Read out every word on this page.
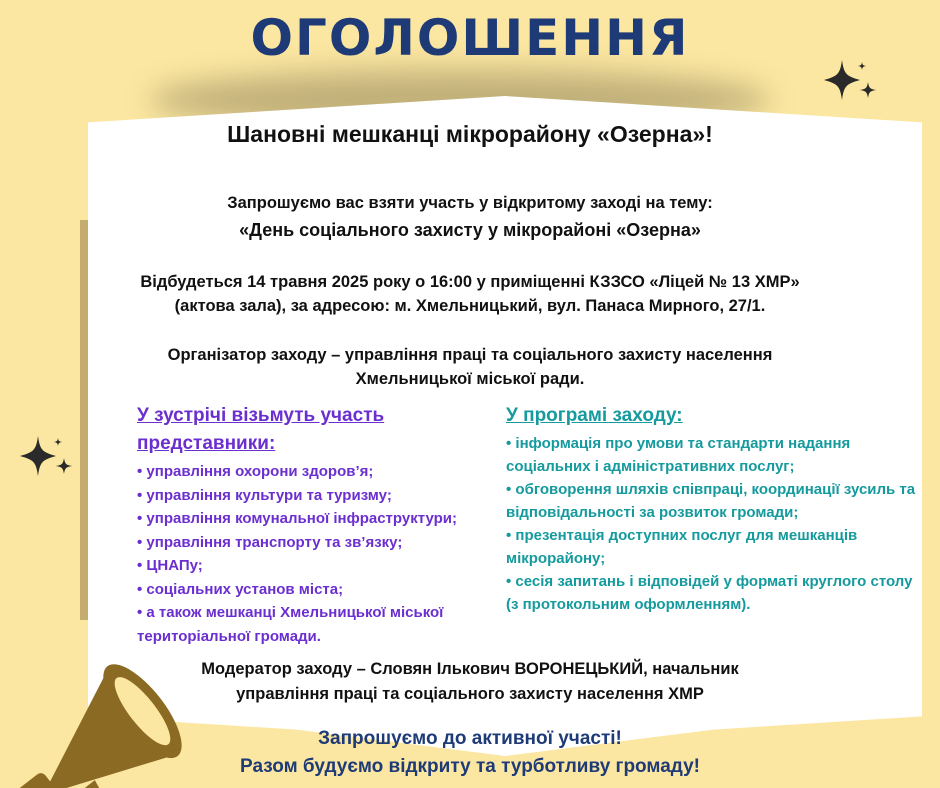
ОГОЛОШЕННЯ
Шановні мешканці мікрорайону «Озерна»!
Запрошуємо вас взяти участь у відкритому заході на тему:
«День соціального захисту у мікрорайоні «Озерна»
Відбудеться 14 травня 2025 року о 16:00 у приміщенні КЗЗСО «Ліцей № 13 ХМР»
(актова зала), за адресою: м. Хмельницький, вул. Панаса Мирного, 27/1.
Організатор заходу – управління праці та соціального захисту населення
Хмельницької міської ради.
У зустрічі візьмуть участь
представники:
• управління охорони здоров’я;
• управління культури та туризму;
• управління комунальної інфраструктури;
• управління транспорту та зв’язку;
• ЦНАПу;
• соціальних установ міста;
• а також мешканці Хмельницької міської територіальної громади.
У програмі заходу:
• інформація про умови та стандарти надання соціальних і адміністративних послуг;
• обговорення шляхів співпраці, координації зусиль та відповідальності за розвиток громади;
• презентація доступних послуг для мешканців мікрорайону;
• сесія запитань і відповідей у форматі круглого столу (з протокольним оформленням).
Модератор заходу – Словян Ількович ВОРОНЕЦЬКИЙ, начальник
управління праці та соціального захисту населення ХМР
Запрошуємо до активної участі!
Разом будуємо відкриту та турботливу громаду!
